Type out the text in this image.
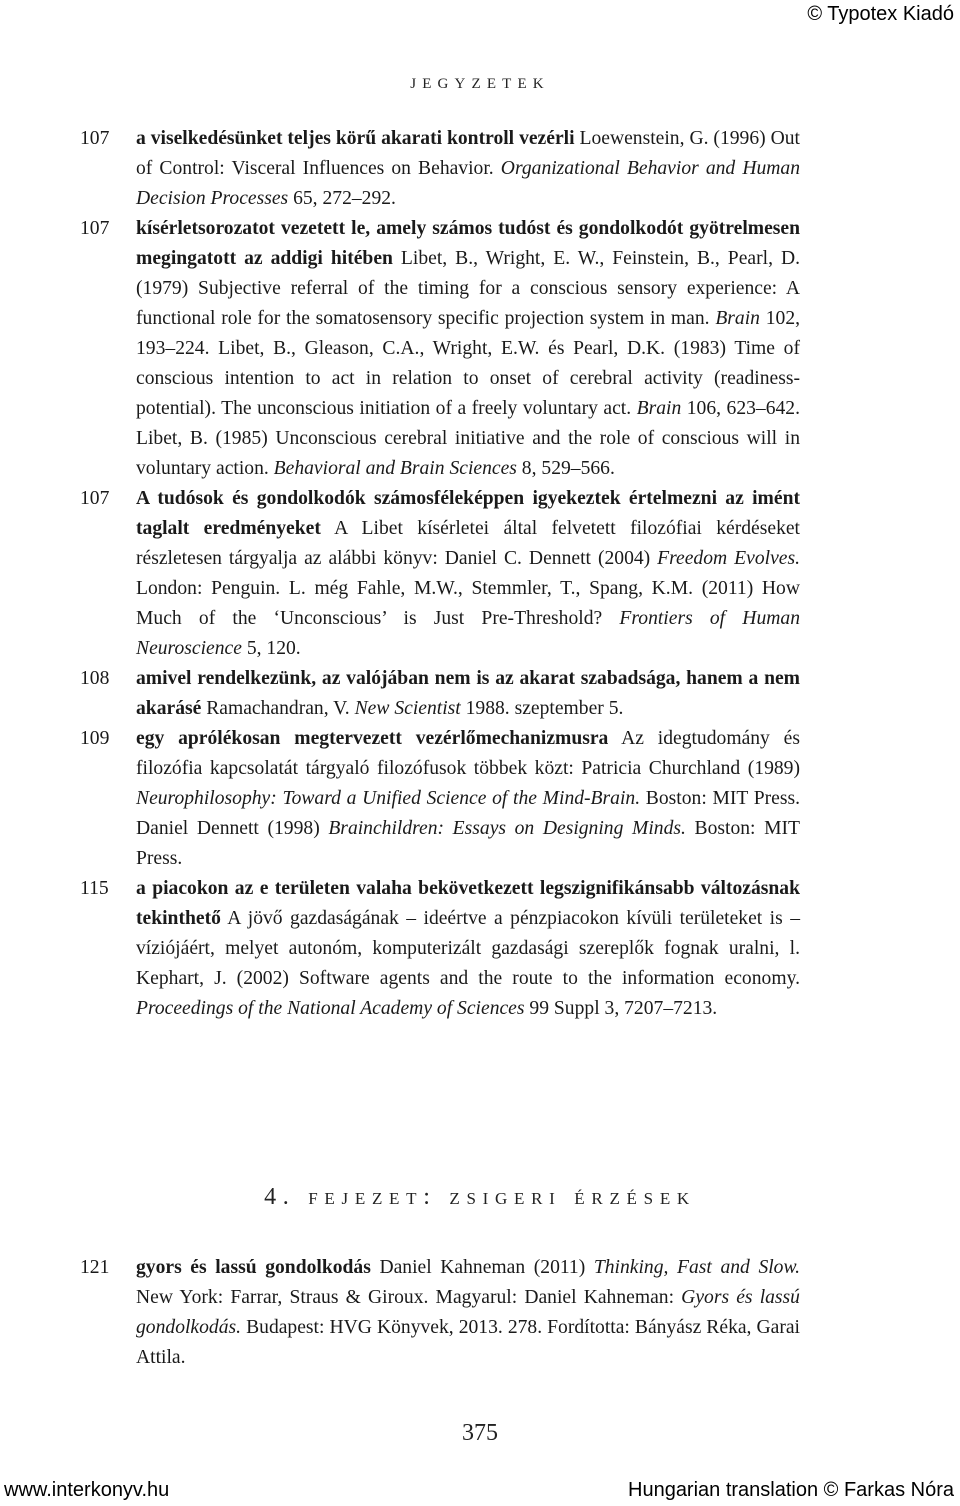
© Typotex Kiadó
jegyzetek
107	a viselkedésünket teljes körű akarati kontroll vezérli Loewenstein, G. (1996) Out of Control: Visceral Influences on Behavior. Organizational Behavior and Human Decision Processes 65, 272–292.
107	kísérletsorozatot vezetett le, amely számos tudóst és gondolkodót gyötrelmesen megingatott az addigi hitében Libet, B., Wright, E. W., Feinstein, B., Pearl, D. (1979) Subjective referral of the timing for a conscious sensory experience: A functional role for the somatosensory specific projection system in man. Brain 102, 193–224. Libet, B., Gleason, C.A., Wright, E.W. és Pearl, D.K. (1983) Time of conscious intention to act in relation to onset of cerebral activity (readiness-potential). The unconscious initiation of a freely voluntary act. Brain 106, 623–642. Libet, B. (1985) Unconscious cerebral initiative and the role of conscious will in voluntary action. Behavioral and Brain Sciences 8, 529–566.
107	A tudósok és gondolkodók számosféleképpen igyekeztek értelmezni az imént taglalt eredményeket A Libet kísérletei által felvetett filozófiai kérdéseket részletesen tárgyalja az alábbi könyv: Daniel C. Dennett (2004) Freedom Evolves. London: Penguin. L. még Fahle, M.W., Stemmler, T., Spang, K.M. (2011) How Much of the ‘Unconscious’ is Just Pre-Threshold? Frontiers of Human Neuroscience 5, 120.
108	amivel rendelkezünk, az valójában nem is az akarat szabadsága, hanem a nem akarásé Ramachandran, V. New Scientist 1988. szeptember 5.
109	egy aprólékosan megtervezett vezérlőmechanizmusra Az idegtudomány és filozófia kapcsolatát tárgyaló filozófusok többek közt: Patricia Churchland (1989) Neurophilosophy: Toward a Unified Science of the Mind-Brain. Boston: MIT Press. Daniel Dennett (1998) Brainchildren: Essays on Designing Minds. Boston: MIT Press.
115	a piacokon az e területen valaha bekövetkezett legszignifikánsabb változásnak tekinthető A jövő gazdaságának – ideértve a pénzpiacokon kívüli területeket is – víziójáért, melyet autonóm, komputerizált gazdasági szereplők fognak uralni, l. Kephart, J. (2002) Software agents and the route to the information economy. Proceedings of the National Academy of Sciences 99 Suppl 3, 7207–7213.
4. fejezet: zsigeri érzések
121	gyors és lassú gondolkodás Daniel Kahneman (2011) Thinking, Fast and Slow. New York: Farrar, Straus & Giroux. Magyarul: Daniel Kahneman: Gyors és lassú gondolkodás. Budapest: HVG Könyvek, 2013. 278. Fordította: Bányász Réka, Garai Attila.
375
www.interkonyv.hu	Hungarian translation © Farkas Nóra
